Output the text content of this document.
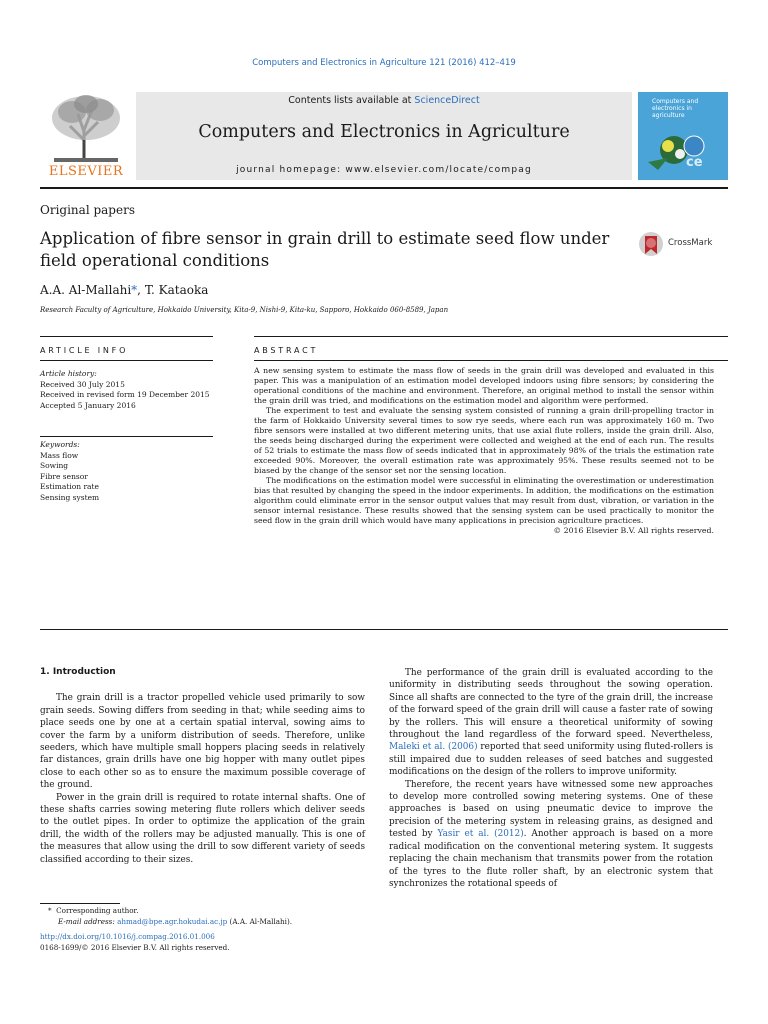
Computers and Electronics in Agriculture 121 (2016) 412–419
ELSEVIER
Contents lists available at ScienceDirect
Computers and Electronics in Agriculture
journal homepage: www.elsevier.com/locate/compag
Computers and electronics in agriculture
ce
Original papers
Application of fibre sensor in grain drill to estimate seed flow under field operational conditions
CrossMark
A.A. Al-Mallahi*, T. Kataoka
Research Faculty of Agriculture, Hokkaido University, Kita-9, Nishi-9, Kita-ku, Sapporo, Hokkaido 060-8589, Japan
ARTICLE INFO	ABSTRACT
Article history:
Received 30 July 2015
Received in revised form 19 December 2015
Accepted 5 January 2016
Keywords:
Mass flow
Sowing
Fibre sensor
Estimation rate
Sensing system

A new sensing system to estimate the mass flow of seeds in the grain drill was developed and evaluated in this paper. This was a manipulation of an estimation model developed indoors using fibre sensors; by considering the operational conditions of the machine and environment. Therefore, an original method to install the sensor within the grain drill was tried, and modifications on the estimation model and algorithm were performed.

The experiment to test and evaluate the sensing system consisted of running a grain drill-propelling tractor in the farm of Hokkaido University several times to sow rye seeds, where each run was approximately 160 m. Two fibre sensors were installed at two different metering units, that use axial flute rollers, inside the grain drill. Also, the seeds being discharged during the experiment were collected and weighed at the end of each run. The results of 52 trials to estimate the mass flow of seeds indicated that in approximately 98% of the trials the estimation rate exceeded 90%. Moreover, the overall estimation rate was approximately 95%. These results seemed not to be biased by the change of the sensor set nor the sensing location.

The modifications on the estimation model were successful in eliminating the overestimation or underestimation bias that resulted by changing the speed in the indoor experiments. In addition, the modifications on the estimation algorithm could eliminate error in the sensor output values that may result from dust, vibration, or variation in the sensor internal resistance. These results showed that the sensing system can be used practically to monitor the seed flow in the grain drill which would have many applications in precision agriculture practices.

© 2016 Elsevier B.V. All rights reserved.

1. Introduction

The grain drill is a tractor propelled vehicle used primarily to sow grain seeds. Sowing differs from seeding in that; while seeding aims to place seeds one by one at a certain spatial interval, sowing aims to cover the farm by a uniform distribution of seeds. Therefore, unlike seeders, which have multiple small hoppers placing seeds in relatively far distances, grain drills have one big hopper with many outlet pipes close to each other so as to ensure the maximum possible coverage of the ground.

Power in the grain drill is required to rotate internal shafts. One of these shafts carries sowing metering flute rollers which deliver seeds to the outlet pipes. In order to optimize the application of the grain drill, the width of the rollers may be adjusted manually. This is one of the measures that allow using the drill to sow different variety of seeds classified according to their sizes.

The performance of the grain drill is evaluated according to the uniformity in distributing seeds throughout the sowing operation. Since all shafts are connected to the tyre of the grain drill, the increase of the forward speed of the grain drill will cause a faster rate of sowing by the rollers. This will ensure a theoretical uniformity of sowing throughout the land regardless of the forward speed. Nevertheless, Maleki et al. (2006) reported that seed uniformity using fluted-rollers is still impaired due to sudden releases of seed batches and suggested modifications on the design of the rollers to improve uniformity.

Therefore, the recent years have witnessed some new approaches to develop more controlled sowing metering systems. One of these approaches is based on using pneumatic device to improve the precision of the metering system in releasing grains, as designed and tested by Yasir et al. (2012). Another approach is based on a more radical modification on the conventional metering system. It suggests replacing the chain mechanism that transmits power from the rotation of the tyres to the flute roller shaft, by an electronic system that synchronizes the rotational speeds of

* Corresponding author.
E-mail address: ahmad@bpe.agr.hokudai.ac.jp (A.A. Al-Mallahi).
http://dx.doi.org/10.1016/j.compag.2016.01.006
0168-1699/© 2016 Elsevier B.V. All rights reserved.
